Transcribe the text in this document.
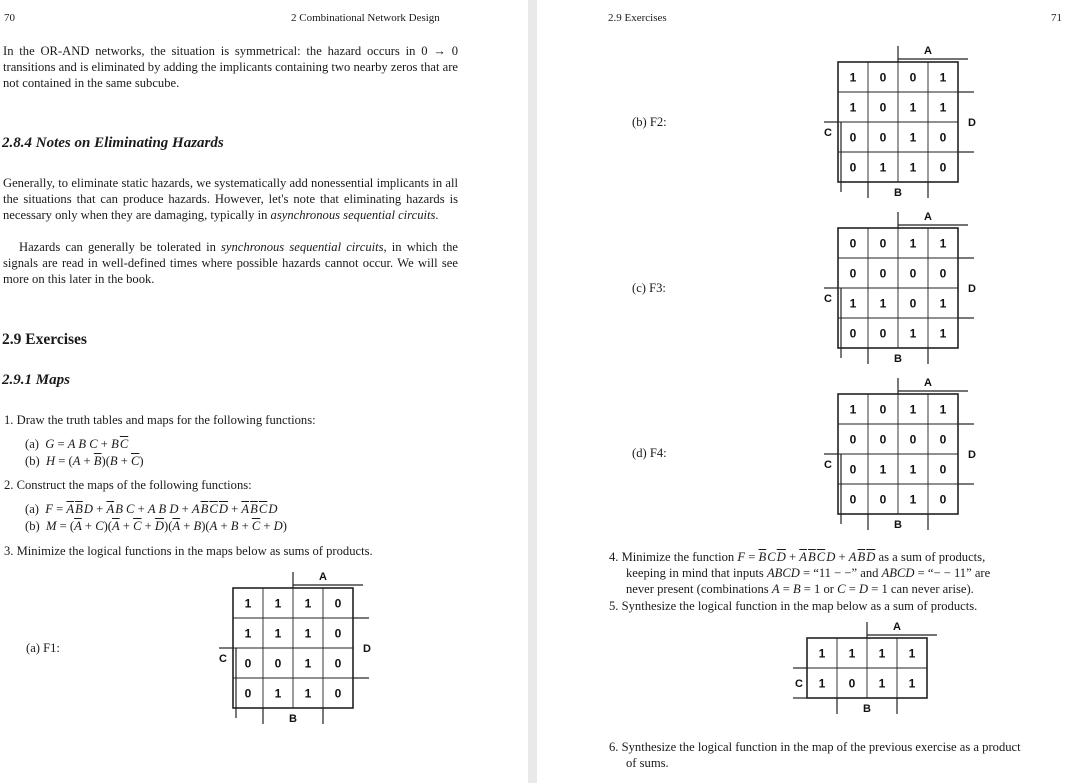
70	2 Combinational Network Design
In the OR-AND networks, the situation is symmetrical: the hazard occurs in 0 → 0 transitions and is eliminated by adding the implicants containing two nearby zeros that are not contained in the same subcube.
2.8.4 Notes on Eliminating Hazards
Generally, to eliminate static hazards, we systematically add nonessential implicants in all the situations that can produce hazards. However, let's note that eliminating hazards is necessary only when they are damaging, typically in asynchronous sequential circuits.
Hazards can generally be tolerated in synchronous sequential circuits, in which the signals are read in well-defined times where possible hazards cannot occur. We will see more on this later in the book.
2.9 Exercises
2.9.1 Maps
1. Draw the truth tables and maps for the following functions:
(a) G = A B C + B $\overline{C}$
(b) $H = (A + \overline{B})(B + \overline{C})$
2. Construct the maps of the following functions:
(a) $F = \overline{A}$ $\overline{B}$ $D + \overline{A}$ B C + A B D + A $\overline{B}$ $\overline{C}$ $\overline{D} + \overline{A}$ $\overline{B}$ $\overline{C}$ D
(b) $M = (\overline{A} + C)(\overline{A} + \overline{C} + \overline{D})(\overline{A} + B)(A + B + \overline{C} + D)$
3. Minimize the logical functions in the maps below as sums of products.
(a) F1:
1 1 1 0
1 1 1 0
0 0 1 0
0 1 1 0
A
B
C
D
2.9 Exercises	71
(b) F2:
1 0 0 1
1 0 1 1
0 0 1 0
0 1 1 0
A
B
C
D
(c) F3:
0 0 1 1
0 0 0 0
1 1 0 1
0 0 1 1
A
B
C
D
(d) F4:
1 0 1 1
0 0 0 0
0 1 1 0
0 0 1 0
A
B
C
D
4. Minimize the function $F = \overline{B}$ C $\overline{D} + \overline{A}$ $\overline{B}$ $\overline{C}$ D + A $\overline{B}$ $\overline{D}$ as a sum of products,
keeping in mind that inputs ABCD = “11 − −” and ABCD = “− − 11” are
never present (combinations A = B = 1 or C = D = 1 can never arise).
5. Synthesize the logical function in the map below as a sum of products.
1 1 1 1
1 0 1 1
A
B
C
6. Synthesize the logical function in the map of the previous exercise as a product
of sums.
